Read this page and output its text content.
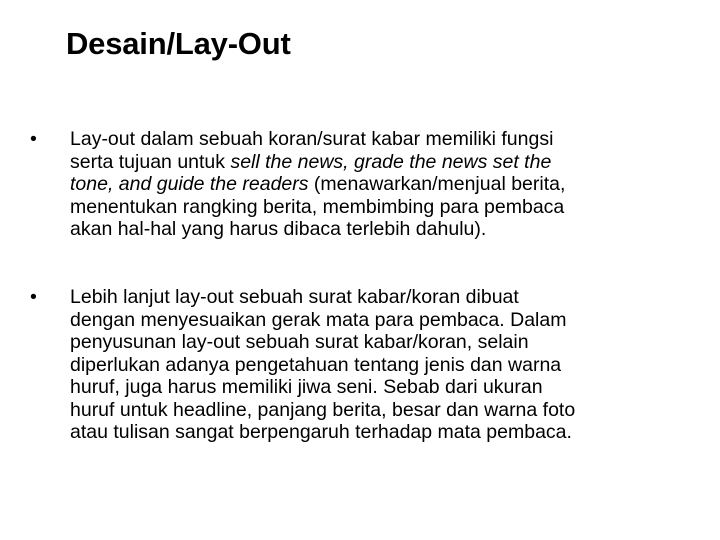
Desain/Lay-Out
•	Lay-out dalam sebuah koran/surat kabar memiliki fungsi
serta tujuan untuk sell the news, grade the news set the
tone, and guide the readers (menawarkan/menjual berita,
menentukan rangking berita, membimbing para pembaca
akan hal-hal yang harus dibaca terlebih dahulu).
•	Lebih lanjut lay-out sebuah surat kabar/koran dibuat
dengan menyesuaikan gerak mata para pembaca. Dalam
penyusunan lay-out sebuah surat kabar/koran, selain
diperlukan adanya pengetahuan tentang jenis dan warna
huruf, juga harus memiliki jiwa seni. Sebab dari ukuran
huruf untuk headline, panjang berita, besar dan warna foto
atau tulisan sangat berpengaruh terhadap mata pembaca.
